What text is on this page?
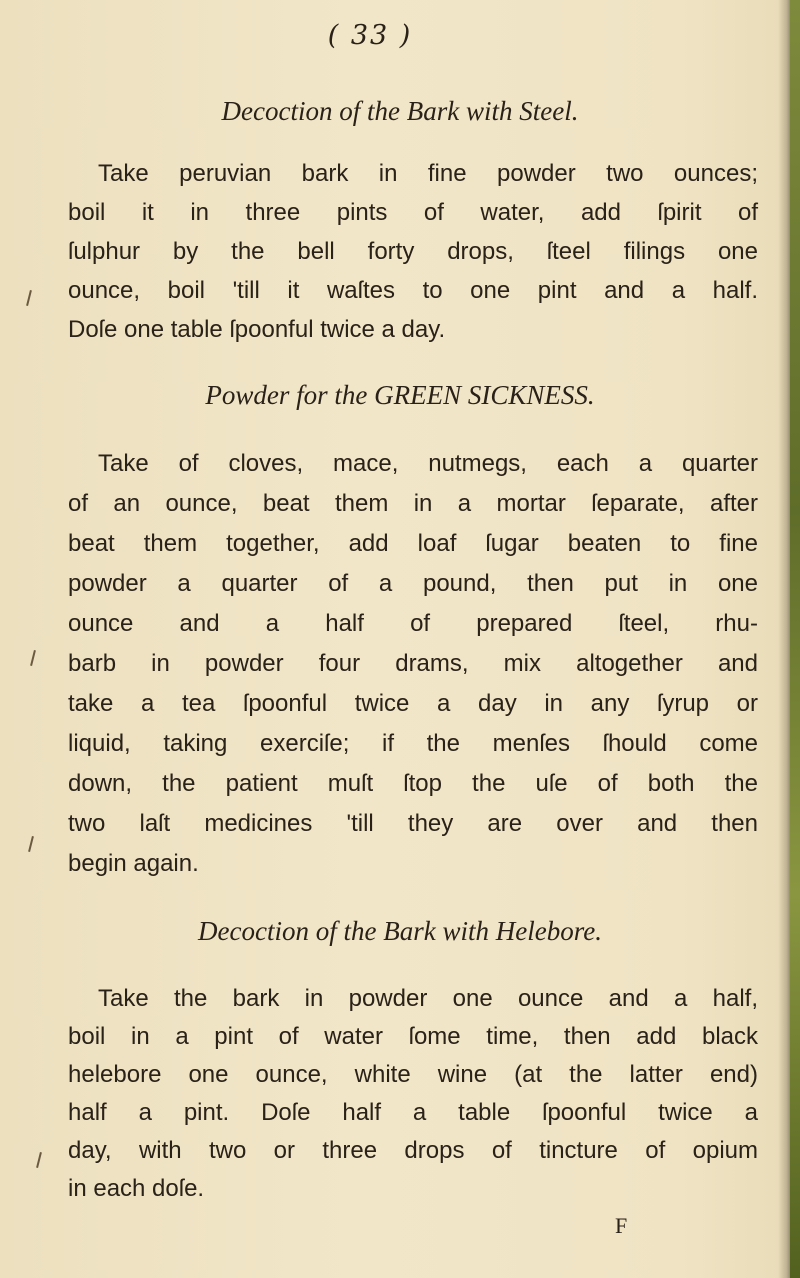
( 33 )
Decoction of the Bark with Steel.
Take peruvian bark in fine powder two ounces;
boil it in three pints of water, add ſpirit of
ſulphur by the bell forty drops, ſteel filings one
ounce, boil 'till it waſtes to one pint and a half.
Doſe one table ſpoonful twice a day.
Powder for the GREEN SICKNESS.
Take of cloves, mace, nutmegs, each a quarter
of an ounce, beat them in a mortar ſeparate, after
beat them together, add loaf ſugar beaten to fine
powder a quarter of a pound, then put in one
ounce and a half of prepared ſteel, rhu-
barb in powder four drams, mix altogether and
take a tea ſpoonful twice a day in any ſyrup or
liquid, taking exerciſe; if the menſes ſhould come
down, the patient muſt ſtop the uſe of both the
two laſt medicines 'till they are over and then
begin again.
Decoction of the Bark with Helebore.
Take the bark in powder one ounce and a half,
boil in a pint of water ſome time, then add black
helebore one ounce, white wine (at the latter end)
half a pint. Doſe half a table ſpoonful twice a
day, with two or three drops of tincture of opium
in each doſe.
F
